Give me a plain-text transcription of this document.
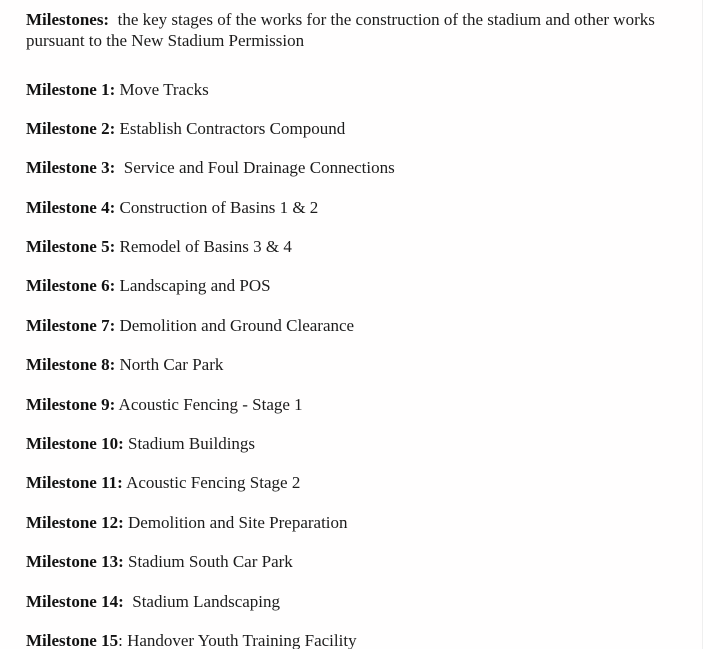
Milestones: the key stages of the works for the construction of the stadium and other works
pursuant to the New Stadium Permission

Milestone 1: Move Tracks

Milestone 2: Establish Contractors Compound

Milestone 3: Service and Foul Drainage Connections

Milestone 4: Construction of Basins 1 & 2

Milestone 5: Remodel of Basins 3 & 4

Milestone 6: Landscaping and POS

Milestone 7: Demolition and Ground Clearance

Milestone 8: North Car Park

Milestone 9: Acoustic Fencing - Stage 1

Milestone 10: Stadium Buildings

Milestone 11: Acoustic Fencing Stage 2

Milestone 12: Demolition and Site Preparation

Milestone 13: Stadium South Car Park

Milestone 14: Stadium Landscaping

Milestone 15: Handover Youth Training Facility
